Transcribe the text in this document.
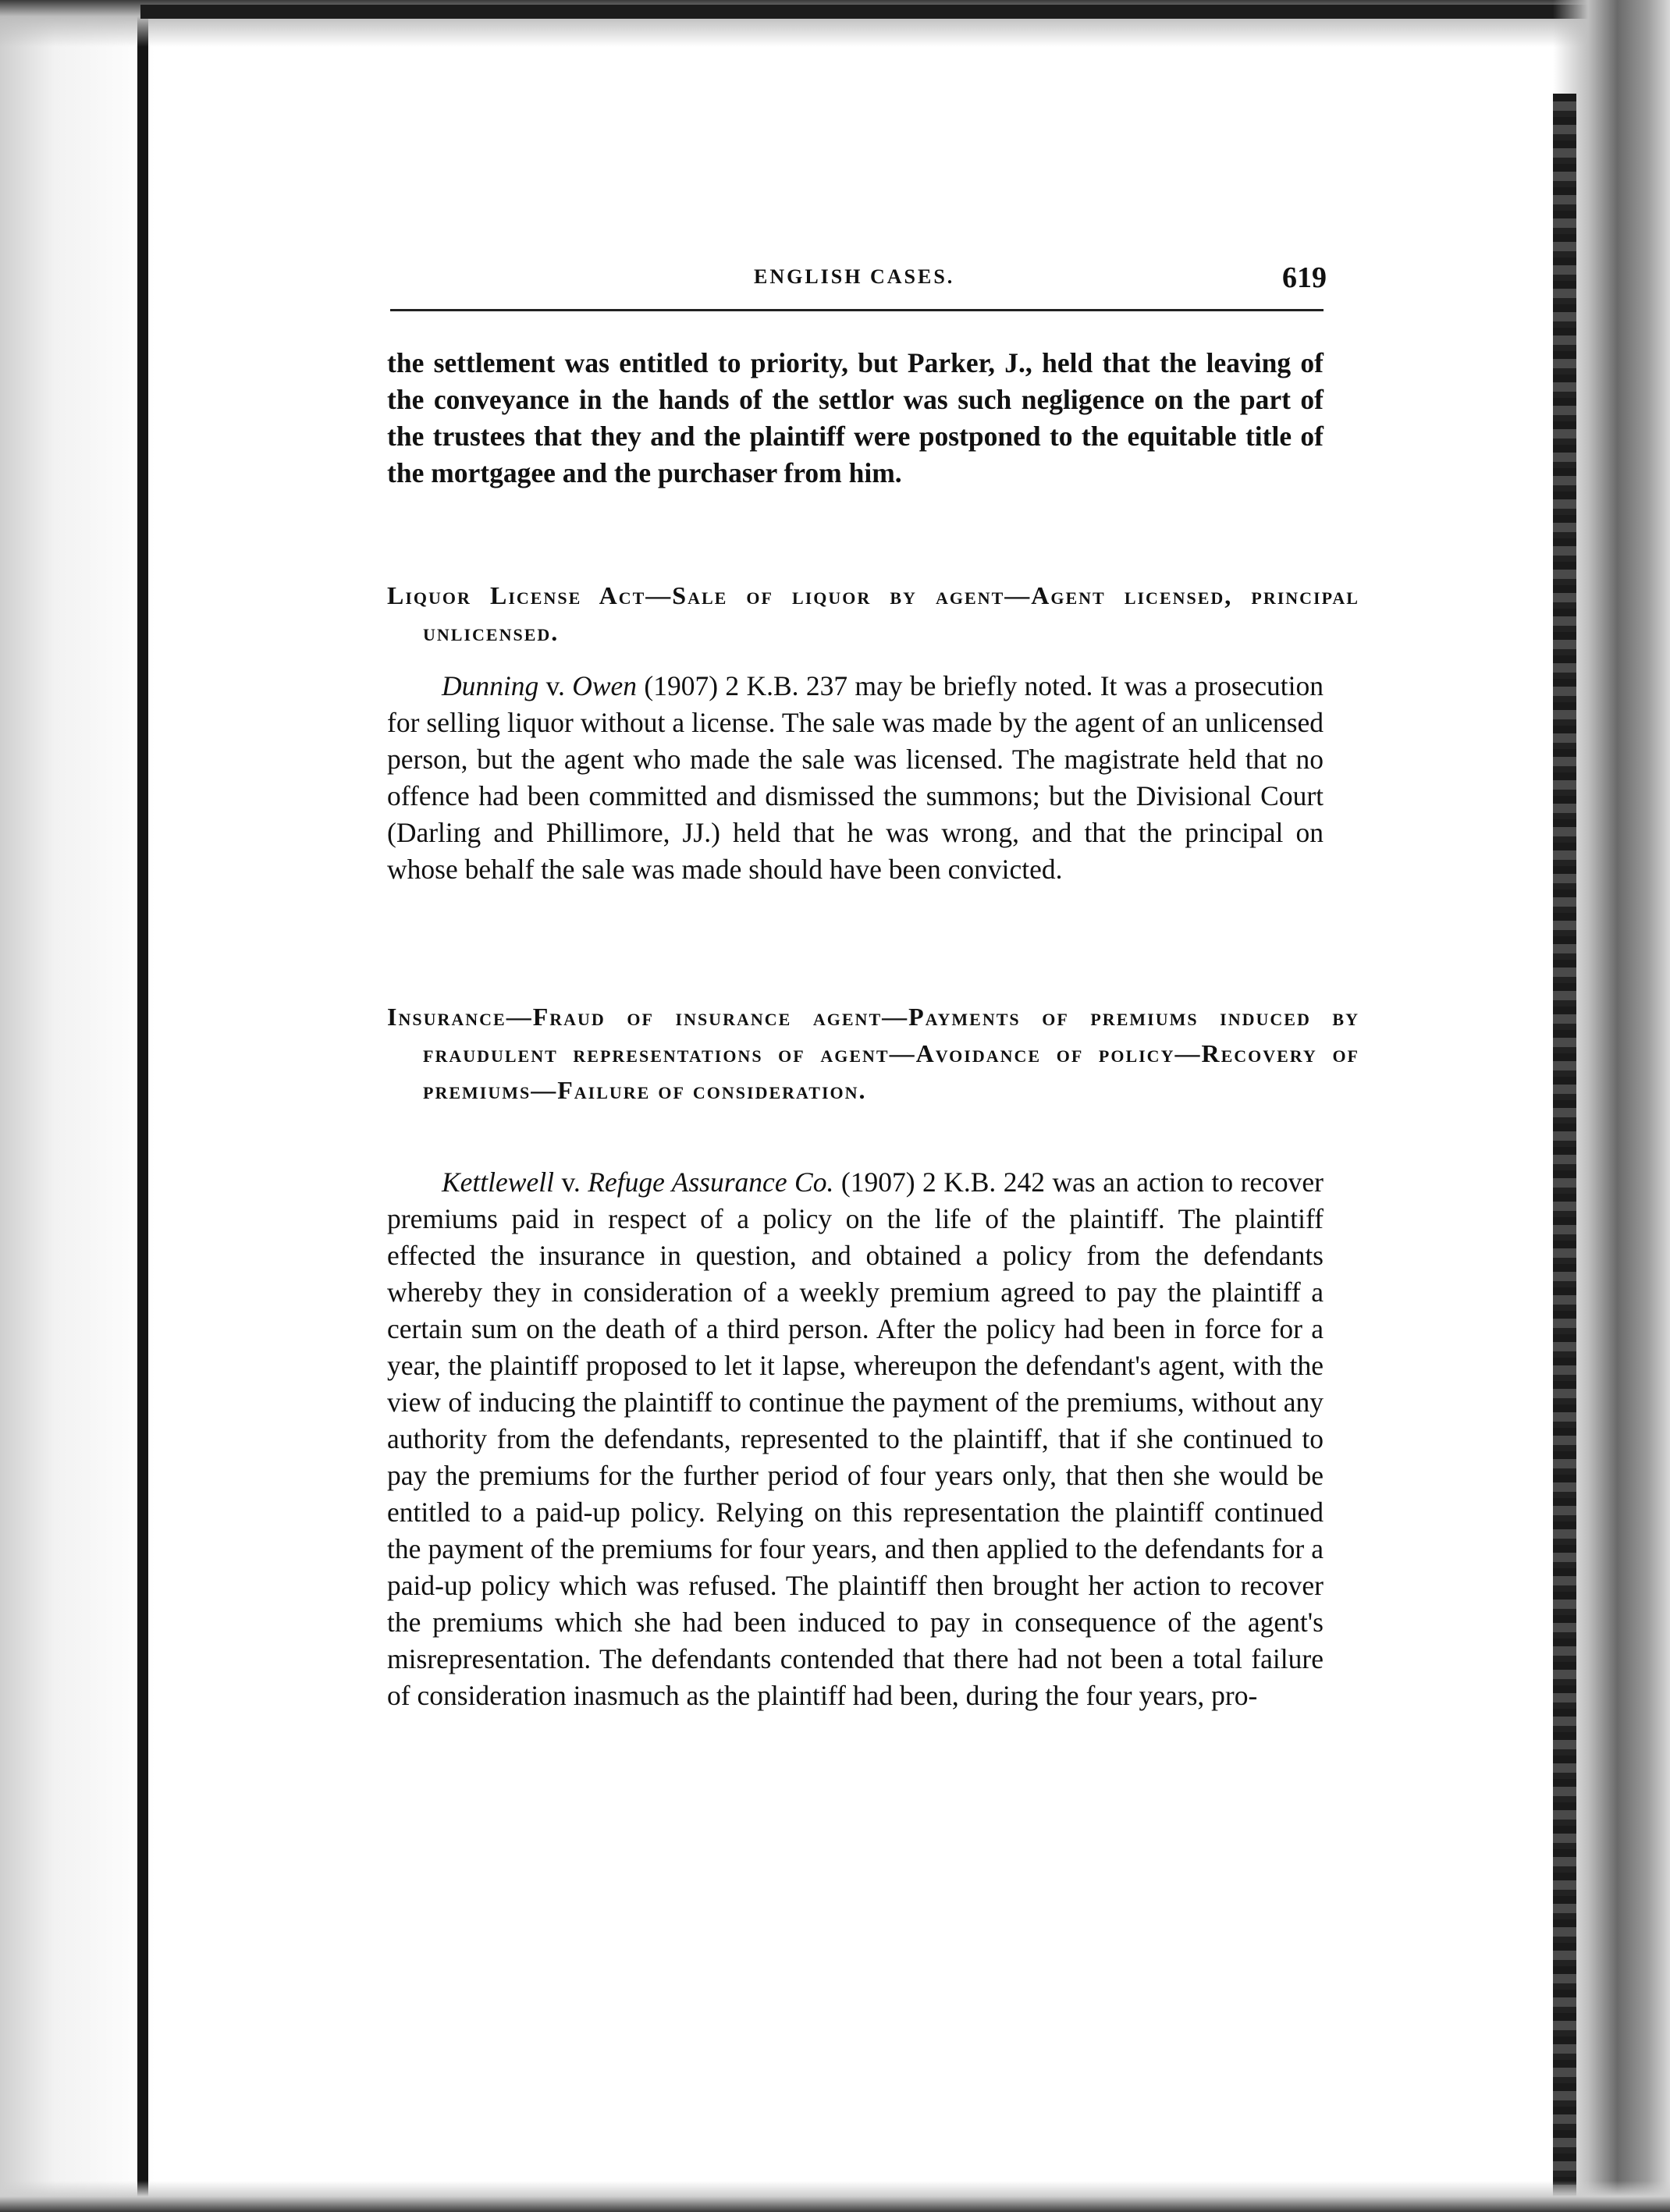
ENGLISH CASES.	619

the settlement was entitled to priority, but Parker, J., held that the leaving of the conveyance in the hands of the settlor was such negligence on the part of the trustees that they and the plaintiff were postponed to the equitable title of the mortgagee and the purchaser from him.

Liquor License Act—Sale of liquor by agent—Agent licensed, principal unlicensed.

Dunning v. Owen (1907) 2 K.B. 237 may be briefly noted. It was a prosecution for selling liquor without a license. The sale was made by the agent of an unlicensed person, but the agent who made the sale was licensed. The magistrate held that no offence had been committed and dismissed the summons; but the Divisional Court (Darling and Phillimore, JJ.) held that he was wrong, and that the principal on whose behalf the sale was made should have been convicted.

Insurance—Fraud of insurance agent—Payments of premiums induced by fraudulent representations of agent—Avoidance of policy—Recovery of premiums—Failure of consideration.

Kettlewell v. Refuge Assurance Co. (1907) 2 K.B. 242 was an action to recover premiums paid in respect of a policy on the life of the plaintiff. The plaintiff effected the insurance in question, and obtained a policy from the defendants whereby they in consideration of a weekly premium agreed to pay the plaintiff a certain sum on the death of a third person. After the policy had been in force for a year, the plaintiff proposed to let it lapse, whereupon the defendant's agent, with the view of inducing the plaintiff to continue the payment of the premiums, without any authority from the defendants, represented to the plaintiff, that if she continued to pay the premiums for the further period of four years only, that then she would be entitled to a paid-up policy. Relying on this representation the plaintiff continued the payment of the premiums for four years, and then applied to the defendants for a paid-up policy which was refused. The plaintiff then brought her action to recover the premiums which she had been induced to pay in consequence of the agent's misrepresentation. The defendants contended that there had not been a total failure of consideration inasmuch as the plaintiff had been, during the four years, pro-
